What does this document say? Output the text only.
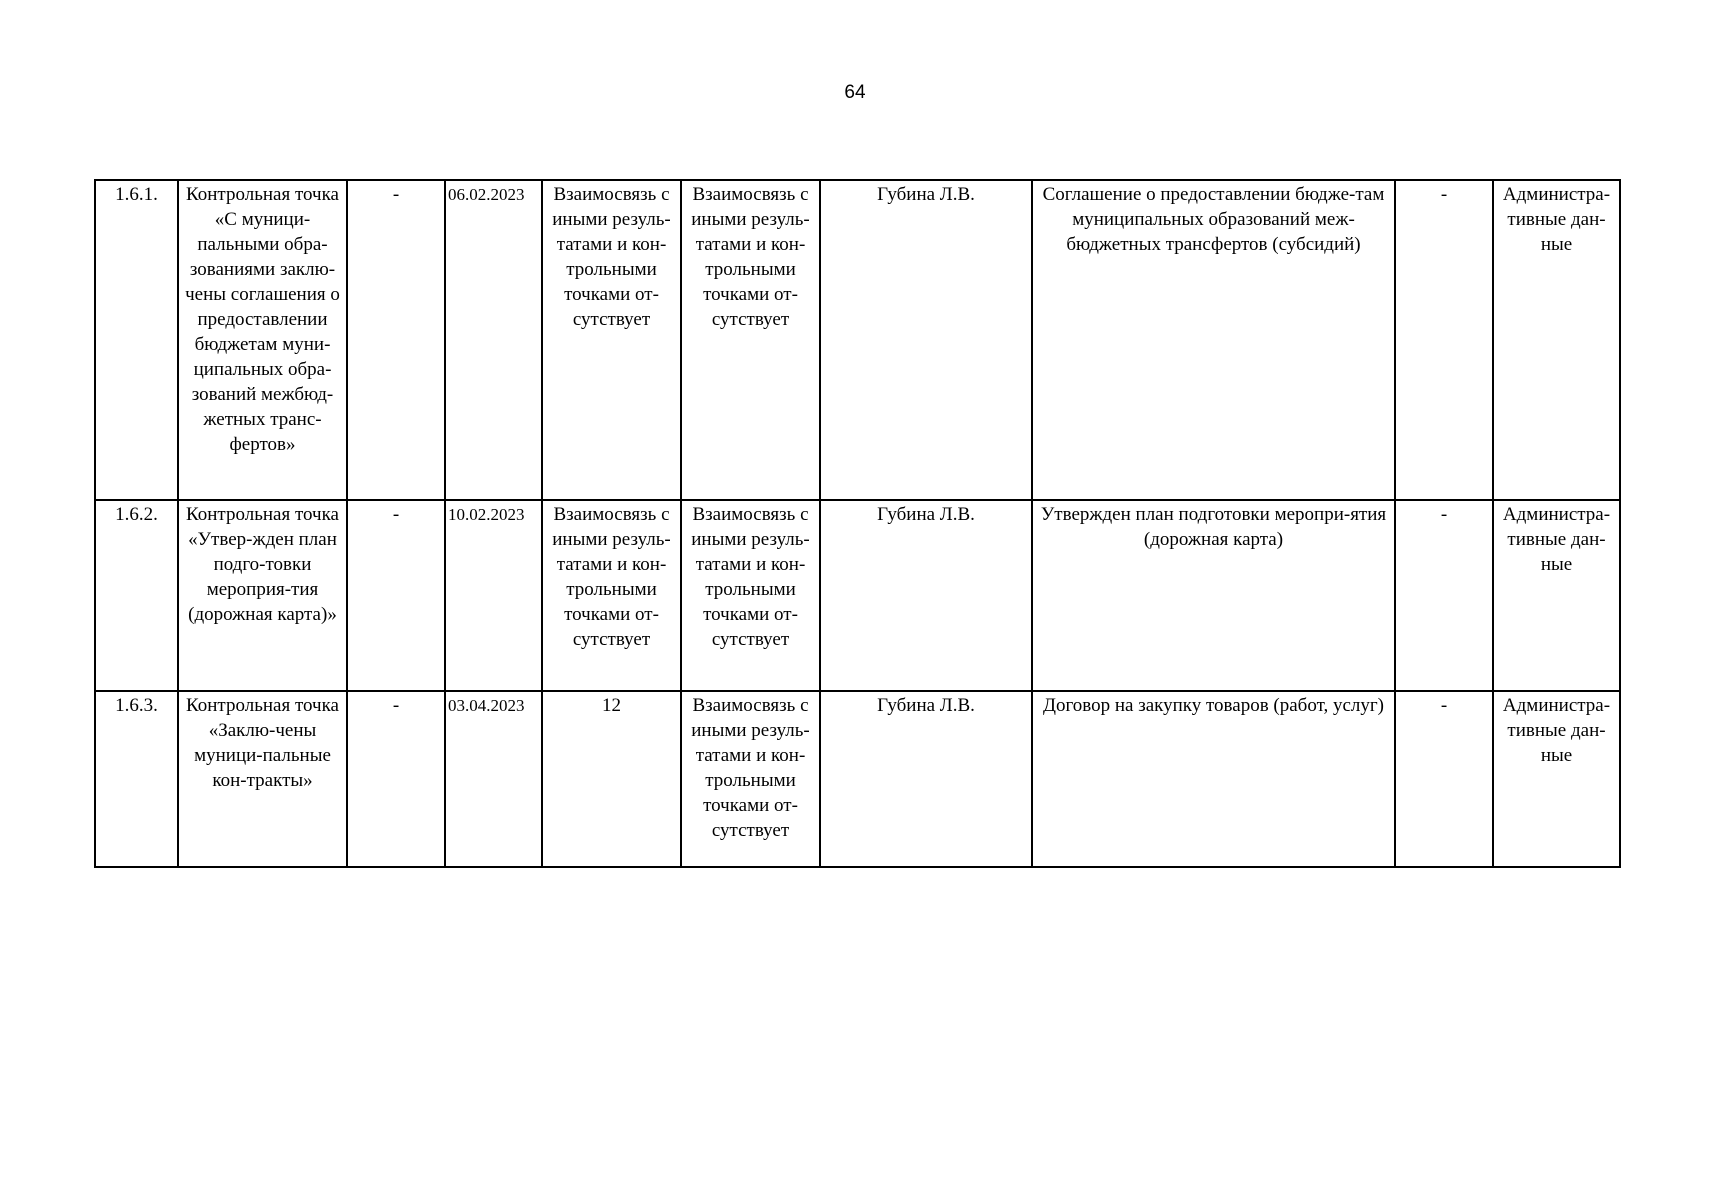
64
1.6.1.	Контрольная точка «С муници-пальными обра-зованиями заклю-чены соглашения о предоставлении бюджетам муни-ципальных обра-зований межбюд-жетных транс-фертов»	-	06.02.2023	Взаимосвязь с иными резуль-татами и кон-трольными точками от-сутствует	Взаимосвязь с иными резуль-татами и кон-трольными точками от-сутствует	Губина Л.В.	Соглашение о предоставлении бюдже-там муниципальных образований меж-бюджетных трансфертов (субсидий)	-	Администра-тивные дан-ные
1.6.2.	Контрольная точка «Утвер-жден план подго-товки мероприя-тия (дорожная карта)»	-	10.02.2023	Взаимосвязь с иными резуль-татами и кон-трольными точками от-сутствует	Взаимосвязь с иными резуль-татами и кон-трольными точками от-сутствует	Губина Л.В.	Утвержден план подготовки меропри-ятия (дорожная карта)	-	Администра-тивные дан-ные
1.6.3.	Контрольная точка «Заклю-чены муници-пальные кон-тракты»	-	03.04.2023	12	Взаимосвязь с иными резуль-татами и кон-трольными точками от-сутствует	Губина Л.В.	Договор на закупку товаров (работ, услуг)	-	Администра-тивные дан-ные
